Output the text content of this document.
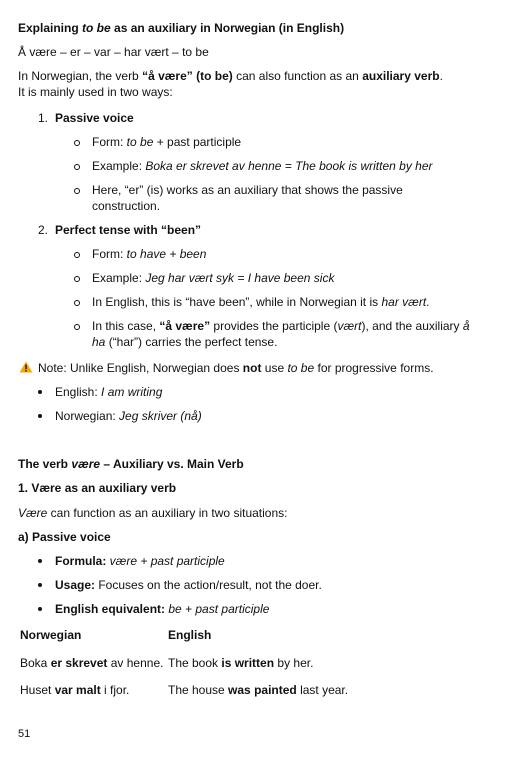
Explaining to be as an auxiliary in Norwegian (in English)
Å være – er – var – har vært – to be
In Norwegian, the verb “å være” (to be) can also function as an auxiliary verb.
It is mainly used in two ways:
1. Passive voice
Form: to be + past participle
Example: Boka er skrevet av henne = The book is written by her
Here, “er” (is) works as an auxiliary that shows the passive
construction.
2. Perfect tense with “been”
Form: to have + been
Example: Jeg har vært syk = I have been sick
In English, this is “have been”, while in Norwegian it is har vært.
In this case, “å være” provides the participle (vært), and the auxiliary å
ha (“har”) carries the perfect tense.
Note: Unlike English, Norwegian does not use to be for progressive forms.
English: I am writing
Norwegian: Jeg skriver (nå)
The verb være – Auxiliary vs. Main Verb
1. Være as an auxiliary verb
Være can function as an auxiliary in two situations:
a) Passive voice
Formula: være + past participle
Usage: Focuses on the action/result, not the doer.
English equivalent: be + past participle
Norwegian	English
Boka er skrevet av henne. The book is written by her.
Huset var malt i fjor.	The house was painted last year.
51
